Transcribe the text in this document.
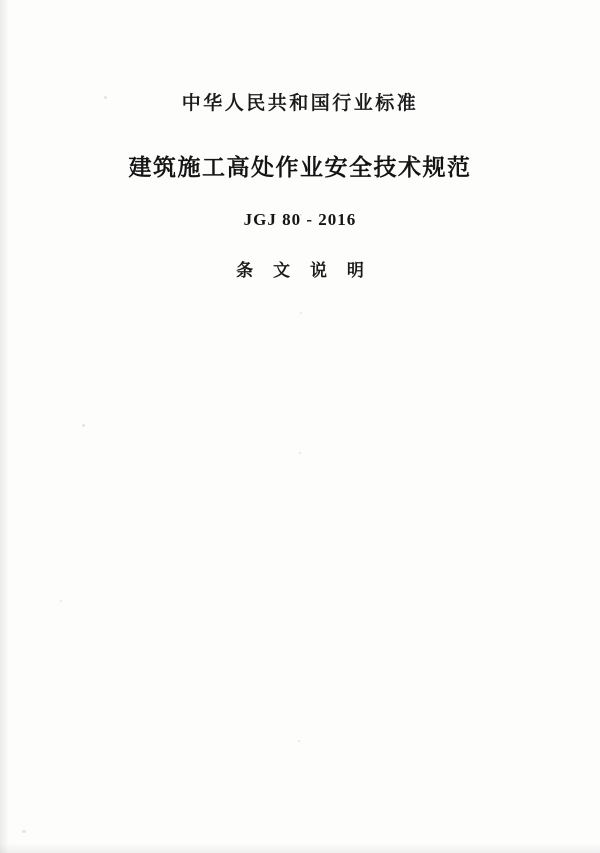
中华人民共和国行业标准
建筑施工高处作业安全技术规范
JGJ 80 - 2016
条 文 说 明
